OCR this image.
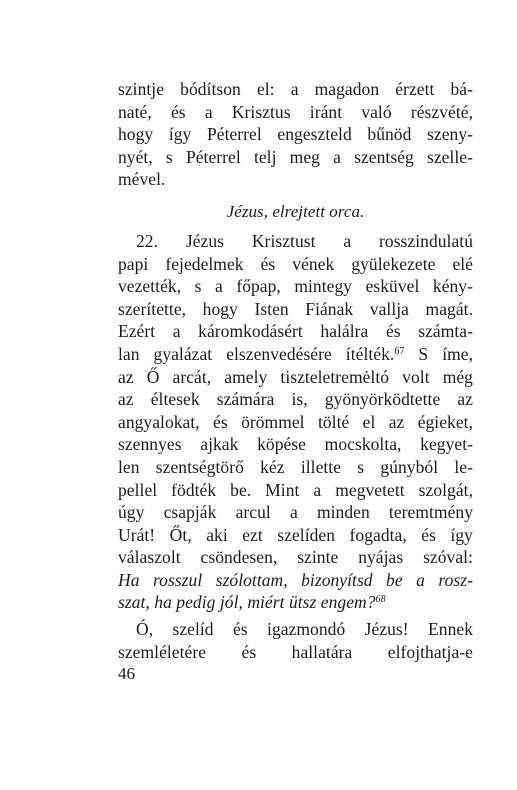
szintje bódítson el: a magadon érzett bá-
naté, és a Krisztus iránt való részvété,
hogy így Péterrel engeszteld bűnöd szeny-
nyét, s Péterrel telj meg a szentség szelle-
mével.
Jézus, elrejtett orca.
22. Jézus Krisztust a rosszindulatú
papi fejedelmek és vének gyülekezete elé
vezették, s a főpap, mintegy esküvel kény-
szerítette, hogy Isten Fiának vallja magát.
Ezért a káromkodásért halálra és számta-
lan gyalázat elszenvedésére ítélték.$^{67}$ S íme,
az Ő arcát, amely tiszteletremėltó volt még
az éltesek számára is, gyönyörködtette az
angyalokat, és örömmel tölté el az égieket,
szennyes ajkak köpése mocskolta, kegyet-
len szentségtörő kéz illette s gúnyból le-
pellel födték be. Mint a megvetett szolgát,
úgy csapják arcul a minden teremtmény
Urát! Őt, aki ezt szelíden fogadta, és így
válaszolt csöndesen, szinte nyájas szóval:
Ha rosszul szólottam, bizonyítsd be a rosz-
szat, ha pedig jól, miért ütsz engem?$^{68}$
Ó, szelíd és igazmondó Jézus! Ennek
szemléletére és hallatára elfojthatja-e
46
